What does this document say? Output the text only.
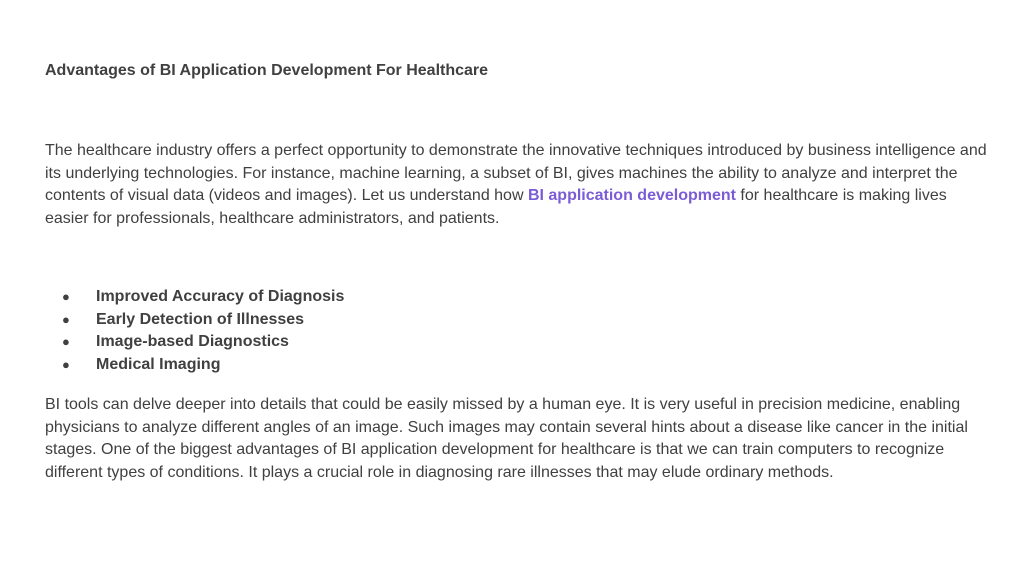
Advantages of BI Application Development For Healthcare

The healthcare industry offers a perfect opportunity to demonstrate the innovative techniques introduced by business intelligence and its underlying technologies. For instance, machine learning, a subset of BI, gives machines the ability to analyze and interpret the contents of visual data (videos and images). Let us understand how BI application development for healthcare is making lives easier for professionals, healthcare administrators, and patients.

● Improved Accuracy of Diagnosis
● Early Detection of Illnesses
● Image-based Diagnostics
● Medical Imaging

BI tools can delve deeper into details that could be easily missed by a human eye. It is very useful in precision medicine, enabling physicians to analyze different angles of an image. Such images may contain several hints about a disease like cancer in the initial stages. One of the biggest advantages of BI application development for healthcare is that we can train computers to recognize different types of conditions. It plays a crucial role in diagnosing rare illnesses that may elude ordinary methods.
